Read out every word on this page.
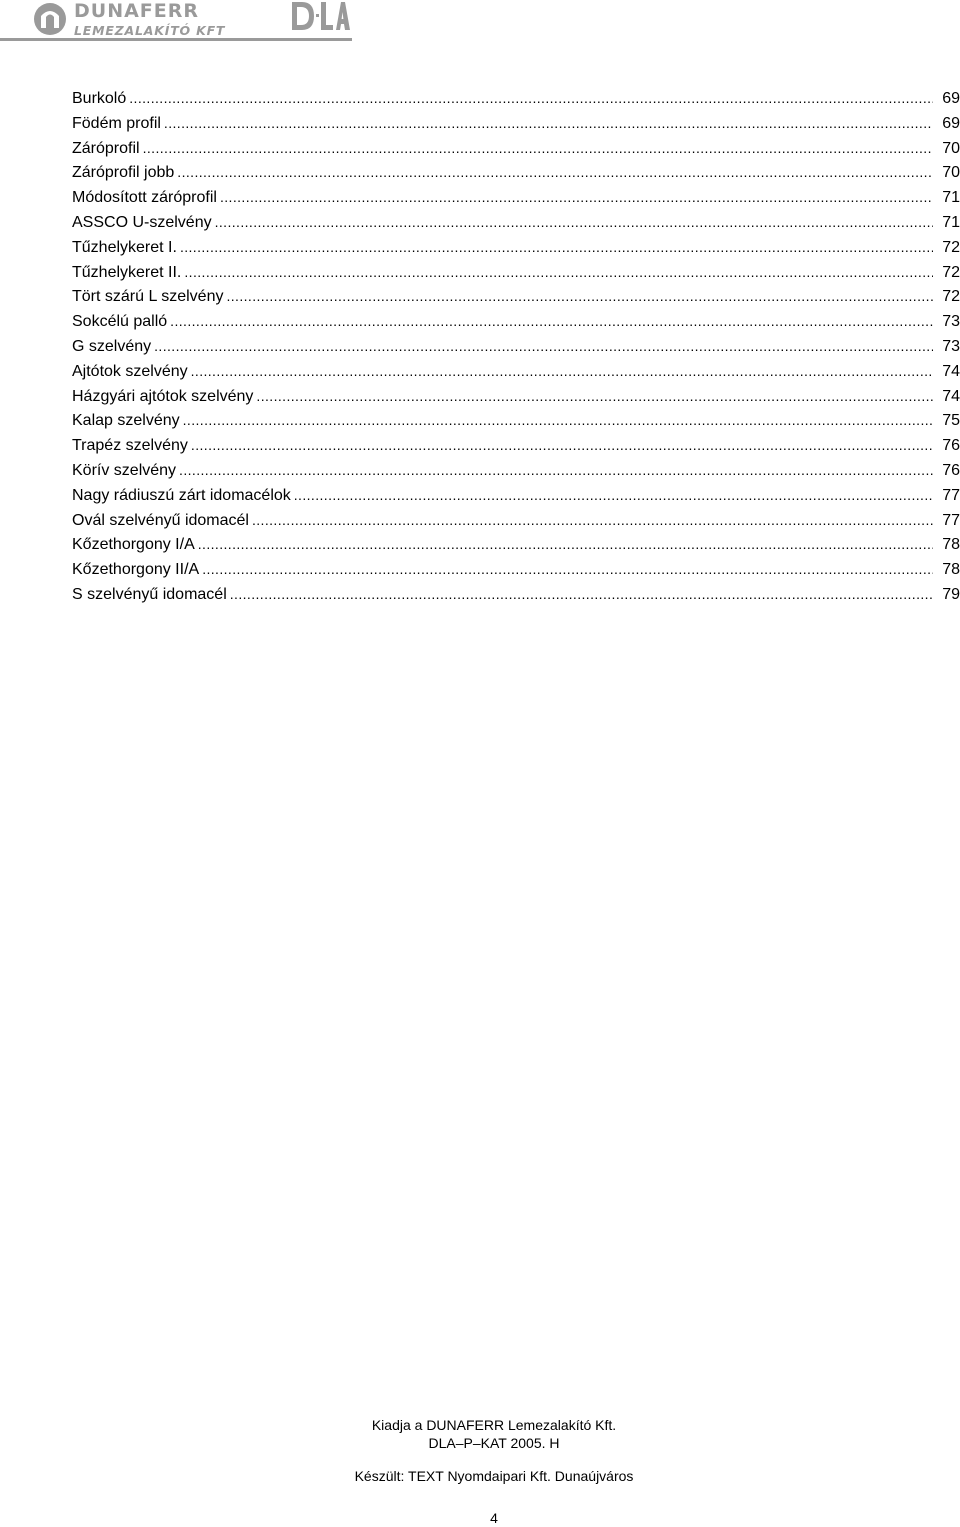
DUNAFERR
LEMEZALAKÍTÓ KFT
Burkoló .....	69
Födém profil .....	69
Záróprofil .....	70
Záróprofil jobb .....	70
Módosított záróprofil .....	71
ASSCO U-szelvény .....	71
Tűzhelykeret I. .....	72
Tűzhelykeret II. .....	72
Tört szárú L szelvény .....	72
Sokcélú palló .....	73
G szelvény .....	73
Ajtótok szelvény .....	74
Házgyári ajtótok szelvény .....	74
Kalap szelvény .....	75
Trapéz szelvény .....	76
Körív szelvény .....	76
Nagy rádiuszú zárt idomacélok .....	77
Ovál szelvényű idomacél .....	77
Kőzethorgony I/A .....	78
Kőzethorgony II/A .....	78
S szelvényű idomacél .....	79
Kiadja a DUNAFERR Lemezalakító Kft.
DLA–P–KAT 2005. H
Készült: TEXT Nyomdaipari Kft. Dunaújváros
4
